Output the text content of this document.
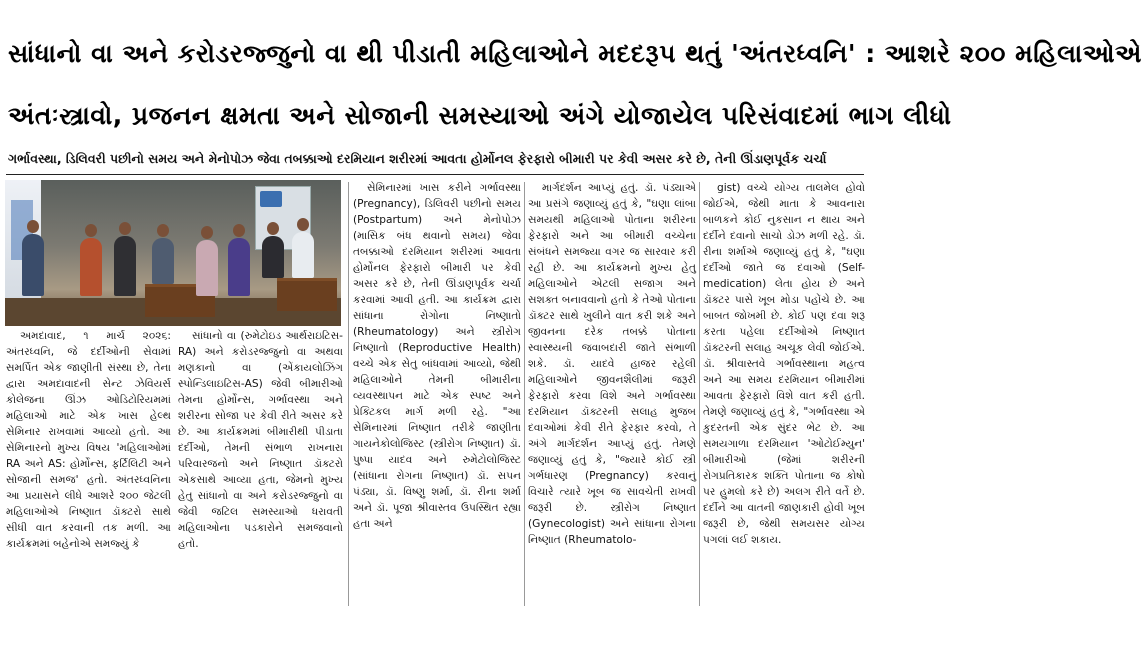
સાંધાનો વા અને કરોડરજ્જુનો વા થી પીડાતી મહિલાઓને મદદરૂપ થતું 'અંતરધ્વનિ' : આશરે ૨૦૦ મહિલાઓએ
અંતઃસ્ત્રાવો, પ્રજનન ક્ષમતા અને સોજાની સમસ્યાઓ અંગે યોજાયેલ પરિસંવાદમાં ભાગ લીધો
ગર્ભાવસ્થા, ડિલિવરી પછીનો સમય અને મેનોપોઝ જેવા તબક્કાઓ દરમિયાન શરીરમાં આવતા હોર્મોનલ ફેરફારો બીમારી પર કેવી અસર કરે છે, તેની ઊંડાણપૂર્વક ચર્ચા

અમદાવાદ, ૧ માર્ચ ૨૦૨૬: અંતરધ્વનિ, જે દર્દીઓની સેવામાં સમર્પિત એક જાણીતી સંસ્થા છે, તેના દ્વારા અમદાવાદની સેન્ટ ઝેવિયર્સ કોલેજના ઊંઝ ઓડિટોરિયમમાં મહિલાઓ માટે એક ખાસ હેલ્થ સેમિનાર રાખવામાં આવ્યો હતો. આ સેમિનારનો મુખ્ય વિષય 'મહિલાઓમાં RA અને AS: હોર્મોન્સ, ફર્ટિલિટી અને સોજાની સમજ' હતો. અંતરધ્વનિના આ પ્રયાસને લીધે આશરે ૨૦૦ જેટલી મહિલાઓએ નિષ્ણાત ડૉક્ટરો સાથે સીધી વાત કરવાની તક મળી. આ કાર્યક્રમમાં બહેનોએ સમજ્યું કે

સાંધાનો વા (રુમેટોઇડ આર્થરાઇટિસ-RA) અને કરોડરજ્જુનો વા અથવા મણકાનો વા (એંકાયલોઝિંગ સ્પોન્ડિલાઇટિસ-AS) જેવી બીમારીઓ તેમના હોર્મોન્સ, ગર્ભાવસ્થા અને શરીરના સોજા પર કેવી રીતે અસર કરે છે. આ કાર્યક્રમમાં બીમારીથી પીડાતા દર્દીઓ, તેમની સંભાળ રાખનારા પરિવારજનો અને નિષ્ણાત ડૉક્ટરો એકસાથે આવ્યા હતા, જેમનો મુખ્ય હેતુ સાંધાનો વા અને કરોડરજ્જુનો વા જેવી જટિલ સમસ્યાઓ ધરાવતી મહિલાઓના પડકારોને સમજવાનો હતો.

સેમિનારમાં ખાસ કરીને ગર્ભાવસ્થા (Pregnancy), ડિલિવરી પછીનો સમય (Postpartum) અને મેનોપોઝ (માસિક બંધ થવાનો સમય) જેવા તબક્કાઓ દરમિયાન શરીરમાં આવતા હોર્મોનલ ફેરફારો બીમારી પર કેવી અસર કરે છે, તેની ઊંડાણપૂર્વક ચર્ચા કરવામાં આવી હતી. આ કાર્યક્રમ દ્વારા સાંધાના રોગોના નિષ્ણાતો (Rheumatology) અને સ્ત્રીરોગ નિષ્ણાતો (Reproductive Health) વચ્ચે એક સેતુ બાંધવામાં આવ્યો, જેથી મહિલાઓને તેમની બીમારીના વ્યવસ્થાપન માટે એક સ્પષ્ટ અને પ્રેક્ટિકલ માર્ગ મળી રહે. "આ સેમિનારમાં નિષ્ણાત તરીકે જાણીતા ગાયનેકોલોજિસ્ટ (સ્ત્રીરોગ નિષ્ણાત) ડૉ. પુષ્પા યાદવ અને રુમેટોલોજિસ્ટ (સાંધાના રોગના નિષ્ણાત) ડૉ. સપન પંડ્યા, ડૉ. વિષ્ણુ શર્મા, ડૉ. રીના શર્મા અને ડૉ. પૂજા શ્રીવાસ્તવ ઉપસ્થિત રહ્યા હતા અને

માર્ગદર્શન આપ્યું હતું. ડૉ. પંડ્યાએ આ પ્રસંગે જણાવ્યું હતું કે, "ઘણા લાંબા સમયથી મહિલાઓ પોતાના શરીરના ફેરફારો અને આ બીમારી વચ્ચેના સંબંધને સમજ્યા વગર જ સારવાર કરી રહી છે. આ કાર્યક્રમનો મુખ્ય હેતુ મહિલાઓને એટલી સજાગ અને સશક્ત બનાવવાનો હતો કે તેઓ પોતાના ડૉક્ટર સાથે ખુલીને વાત કરી શકે અને જીવનના દરેક તબક્કે પોતાના સ્વાસ્થ્યની જવાબદારી જાતે સંભાળી શકે. ડૉ. યાદવે હાજર રહેલી મહિલાઓને જીવનશૈલીમાં જરૂરી ફેરફારો કરવા વિશે અને ગર્ભાવસ્થા દરમિયાન ડૉક્ટરની સલાહ મુજબ દવાઓમાં કેવી રીતે ફેરફાર કરવો, તે અંગે માર્ગદર્શન આપ્યું હતું. તેમણે જણાવ્યું હતું કે, "જ્યારે કોઈ સ્ત્રી ગર્ભધારણ (Pregnancy) કરવાનું વિચારે ત્યારે ખૂબ જ સાવચેતી રાખવી જરૂરી છે. સ્ત્રીરોગ નિષ્ણાત (Gynecologist) અને સાંધાના રોગના નિષ્ણાત (Rheumatolo-

gist) વચ્ચે યોગ્ય તાલમેલ હોવો જોઈએ, જેથી માતા કે આવનારા બાળકને કોઈ નુકસાન ન થાય અને દર્દીને દવાનો સાચો ડોઝ મળી રહે. ડૉ. રીના શર્માએ જણાવ્યું હતું કે, "ઘણા દર્દીઓ જાતે જ દવાઓ (Self-medication) લેતા હોય છે અને ડૉક્ટર પાસે ખૂબ મોડા પહોંચે છે. આ બાબત જોખમી છે. કોઈ પણ દવા શરૂ કરતા પહેલા દર્દીઓએ નિષ્ણાત ડૉક્ટરની સલાહ અચૂક લેવી જોઈએ. ડૉ. શ્રીવાસ્તવે ગર્ભાવસ્થાના મહત્વ અને આ સમય દરમિયાન બીમારીમાં આવતા ફેરફારો વિશે વાત કરી હતી. તેમણે જણાવ્યું હતું કે, "ગર્ભાવસ્થા એ કુદરતની એક સુંદર ભેટ છે. આ સમયગાળા દરમિયાન 'ઓટોઈમ્યુન' બીમારીઓ (જેમાં શરીરની રોગપ્રતિકારક શક્તિ પોતાના જ કોષો પર હુમલો કરે છે) અલગ રીતે વર્તે છે. દર્દીને આ વાતની જાણકારી હોવી ખૂબ જરૂરી છે, જેથી સમયસર યોગ્ય પગલાં લઈ શકાય.
